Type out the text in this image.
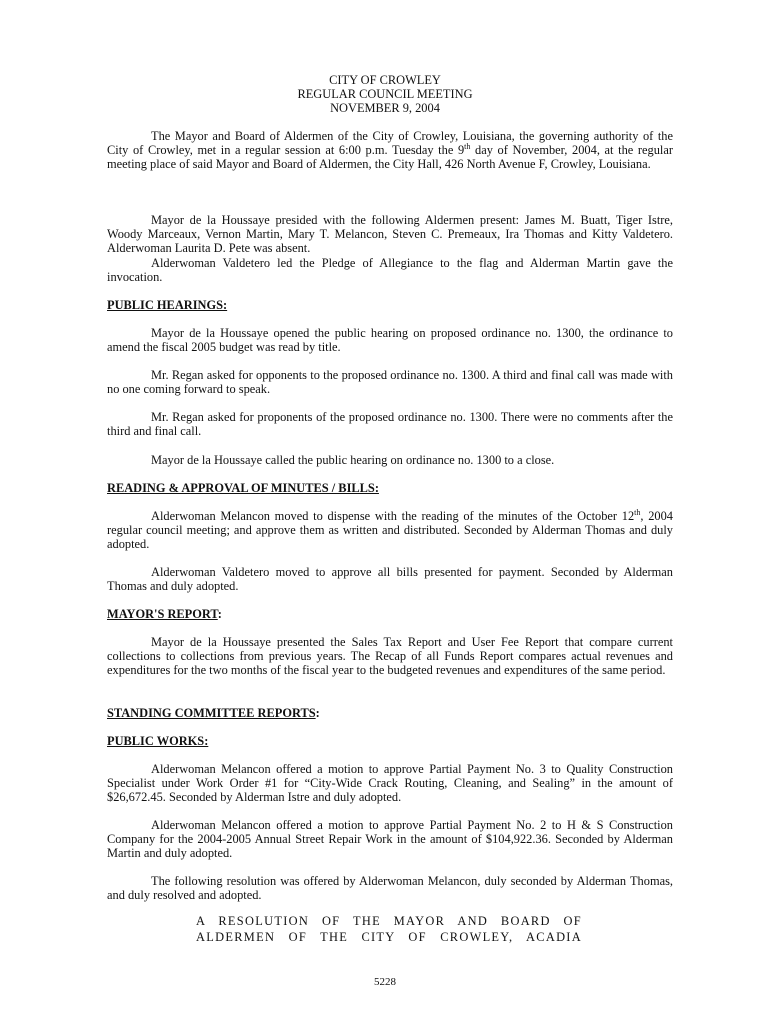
CITY OF CROWLEY
REGULAR COUNCIL MEETING
NOVEMBER 9, 2004
The Mayor and Board of Aldermen of the City of Crowley, Louisiana, the governing authority of the City of Crowley, met in a regular session at 6:00 p.m. Tuesday the 9th day of November, 2004, at the regular meeting place of said Mayor and Board of Aldermen, the City Hall, 426 North Avenue F, Crowley, Louisiana.
Mayor de la Houssaye presided with the following Aldermen present: James M. Buatt, Tiger Istre, Woody Marceaux, Vernon Martin, Mary T. Melancon, Steven C. Premeaux, Ira Thomas and Kitty Valdetero. Alderwoman Laurita D. Pete was absent.
Alderwoman Valdetero led the Pledge of Allegiance to the flag and Alderman Martin gave the invocation.
PUBLIC HEARINGS:
Mayor de la Houssaye opened the public hearing on proposed ordinance no. 1300, the ordinance to amend the fiscal 2005 budget was read by title.
Mr. Regan asked for opponents to the proposed ordinance no. 1300. A third and final call was made with no one coming forward to speak.
Mr. Regan asked for proponents of the proposed ordinance no. 1300. There were no comments after the third and final call.
Mayor de la Houssaye called the public hearing on ordinance no. 1300 to a close.
READING & APPROVAL OF MINUTES / BILLS:
Alderwoman Melancon moved to dispense with the reading of the minutes of the October 12th, 2004 regular council meeting; and approve them as written and distributed. Seconded by Alderman Thomas and duly adopted.
Alderwoman Valdetero moved to approve all bills presented for payment. Seconded by Alderman Thomas and duly adopted.
MAYOR'S REPORT:
Mayor de la Houssaye presented the Sales Tax Report and User Fee Report that compare current collections to collections from previous years. The Recap of all Funds Report compares actual revenues and expenditures for the two months of the fiscal year to the budgeted revenues and expenditures of the same period.
STANDING COMMITTEE REPORTS:
PUBLIC WORKS:
Alderwoman Melancon offered a motion to approve Partial Payment No. 3 to Quality Construction Specialist under Work Order #1 for “City-Wide Crack Routing, Cleaning, and Sealing” in the amount of $26,672.45. Seconded by Alderman Istre and duly adopted.
Alderwoman Melancon offered a motion to approve Partial Payment No. 2 to H & S Construction Company for the 2004-2005 Annual Street Repair Work in the amount of $104,922.36. Seconded by Alderman Martin and duly adopted.
The following resolution was offered by Alderwoman Melancon, duly seconded by Alderman Thomas, and duly resolved and adopted.
A RESOLUTION OF THE MAYOR AND BOARD OF
ALDERMEN OF THE CITY OF CROWLEY, ACADIA
5228
